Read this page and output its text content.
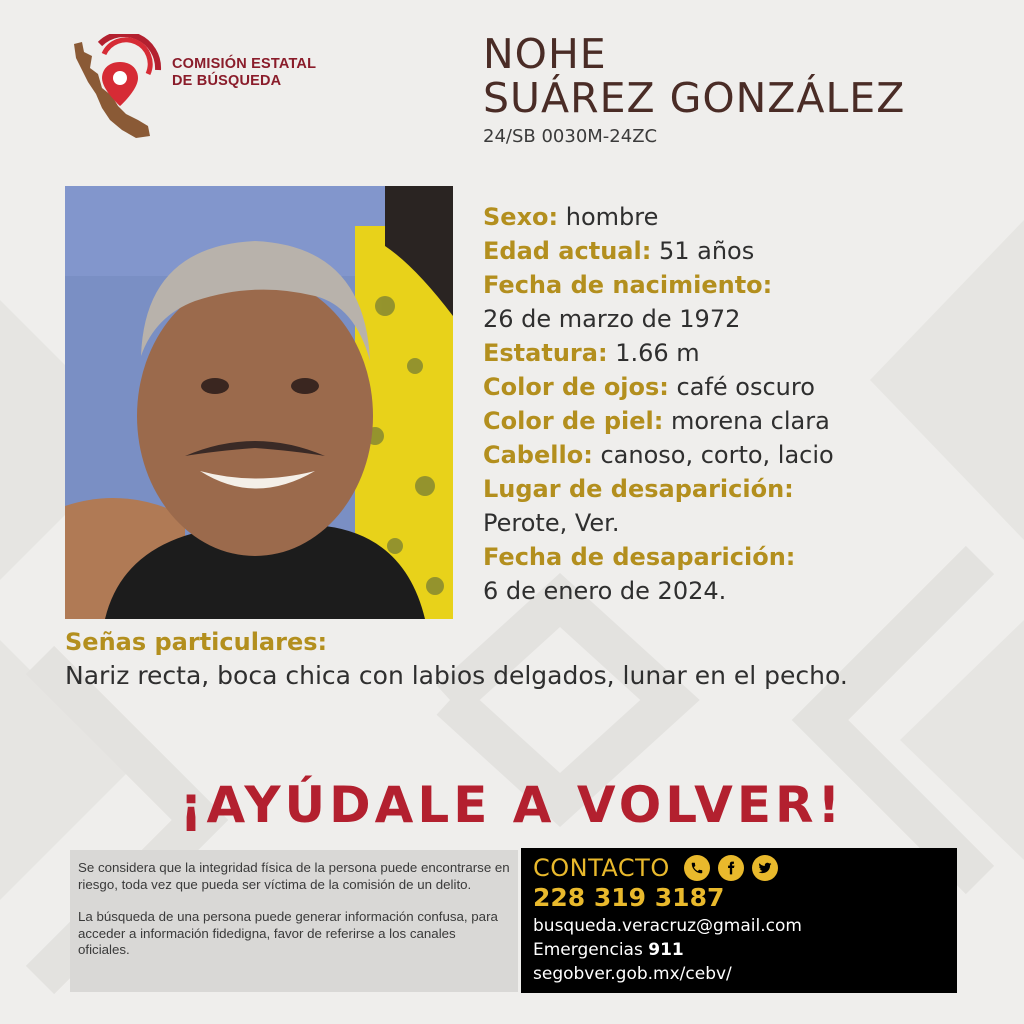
COMISIÓN ESTATAL
DE BÚSQUEDA
NOHE
SUÁREZ GONZÁLEZ
24/SB 0030M-24ZC
Sexo: hombre
Edad actual: 51 años
Fecha de nacimiento:
26 de marzo de 1972
Estatura: 1.66 m
Color de ojos: café oscuro
Color de piel: morena clara
Cabello: canoso, corto, lacio
Lugar de desaparición:
Perote, Ver.
Fecha de desaparición:
6 de enero de 2024.
Señas particulares:
Nariz recta, boca chica con labios delgados, lunar en el pecho.
¡AYÚDALE A VOLVER!

Se considera que la integridad física de la persona puede encontrarse en riesgo, toda vez que pueda ser víctima de la comisión de un delito.

La búsqueda de una persona puede generar información confusa, para acceder a información fidedigna, favor de referirse a los canales oficiales.

CONTACTO
228 319 3187
busqueda.veracruz@gmail.com
Emergencias 911
segobver.gob.mx/cebv/
